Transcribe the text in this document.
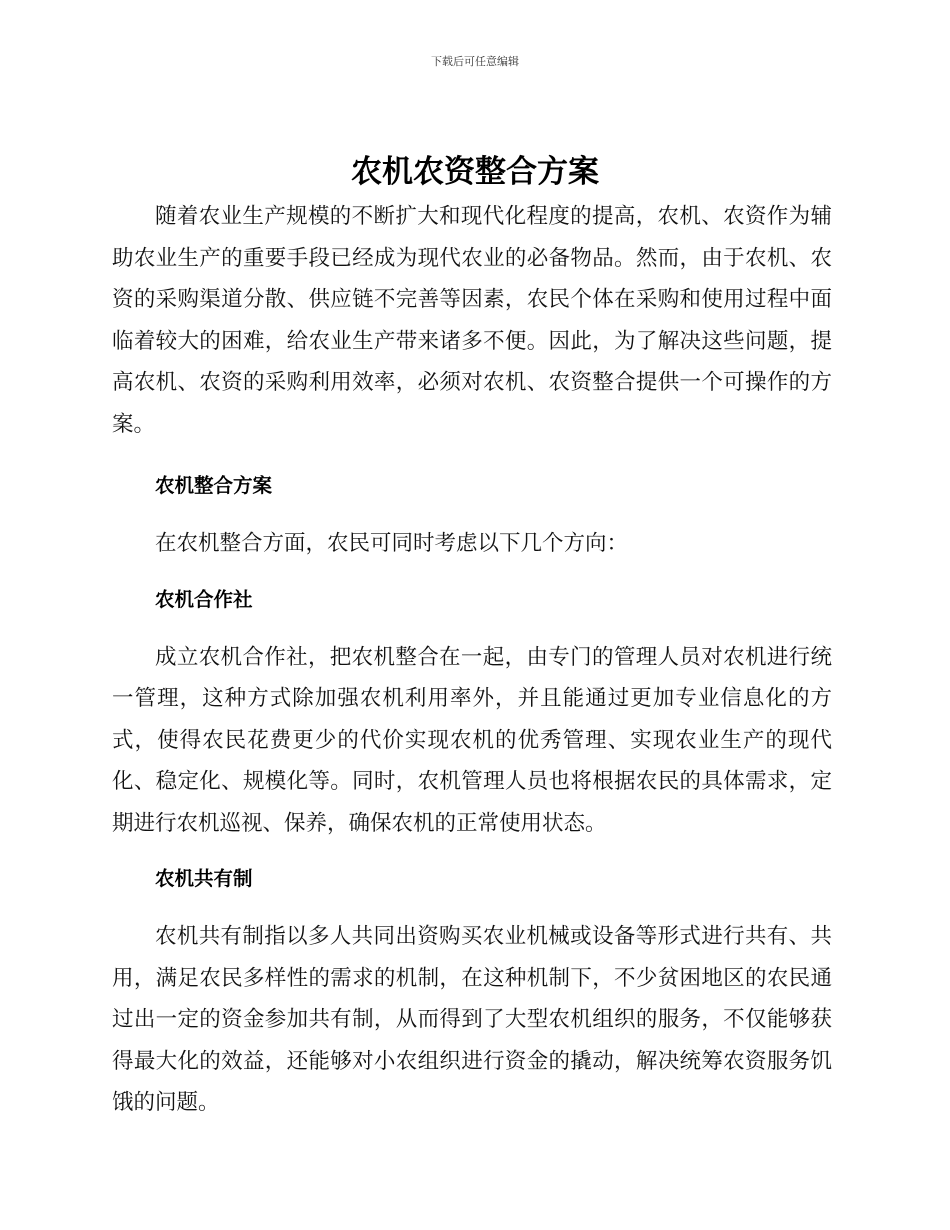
下载后可任意编辑
农机农资整合方案

随着农业生产规模的不断扩大和现代化程度的提高，农机、农资作为辅助农业生产的重要手段已经成为现代农业的必备物品。然而，由于农机、农资的采购渠道分散、供应链不完善等因素，农民个体在采购和使用过程中面临着较大的困难，给农业生产带来诸多不便。因此，为了解决这些问题，提高农机、农资的采购利用效率，必须对农机、农资整合提供一个可操作的方案。

农机整合方案

在农机整合方面，农民可同时考虑以下几个方向：

农机合作社

成立农机合作社，把农机整合在一起，由专门的管理人员对农机进行统一管理，这种方式除加强农机利用率外，并且能通过更加专业信息化的方式，使得农民花费更少的代价实现农机的优秀管理、实现农业生产的现代化、稳定化、规模化等。同时，农机管理人员也将根据农民的具体需求，定期进行农机巡视、保养，确保农机的正常使用状态。

农机共有制

农机共有制指以多人共同出资购买农业机械或设备等形式进行共有、共用，满足农民多样性的需求的机制，在这种机制下，不少贫困地区的农民通过出一定的资金参加共有制，从而得到了大型农机组织的服务，不仅能够获得最大化的效益，还能够对小农组织进行资金的撬动，解决统筹农资服务饥饿的问题。
